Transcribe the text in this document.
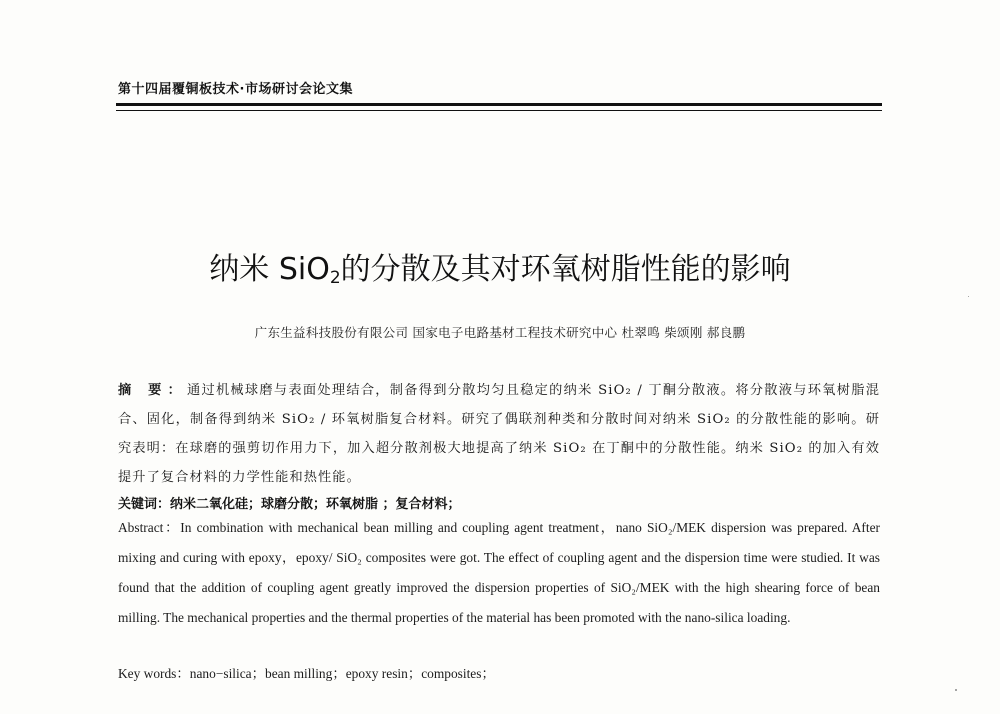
第十四届覆铜板技术·市场研讨会论文集
纳米 SiO$_2$的分散及其对环氧树脂性能的影响
广东生益科技股份有限公司 国家电子电路基材工程技术研究中心 杜翠鸣 柴颂刚 郝良鹏

摘 要：通过机械球磨与表面处理结合，制备得到分散均匀且稳定的纳米 SiO₂ / 丁酮分散液。将分散液与环氧树脂混合、固化，制备得到纳米 SiO₂ / 环氧树脂复合材料。研究了偶联剂种类和分散时间对纳米 SiO₂ 的分散性能的影响。研究表明：在球磨的强剪切作用力下，加入超分散剂极大地提高了纳米 SiO₂ 在丁酮中的分散性能。纳米 SiO₂ 的加入有效提升了复合材料的力学性能和热性能。

关键词：纳米二氧化硅；球磨分散；环氧树脂 ；复合材料；

Abstract：In combination with mechanical bean milling and coupling agent treatment，nano SiO₂/MEK dispersion was prepared. After mixing and curing with epoxy，epoxy/ SiO₂ composites were got. The effect of coupling agent and the dispersion time were studied. It was found that the addition of coupling agent greatly improved the dispersion properties of SiO₂/MEK with the high shearing force of bean milling. The mechanical properties and the thermal properties of the material has been promoted with the nano-silica loading.

Key words：nano−silica；bean milling；epoxy resin；composites；
